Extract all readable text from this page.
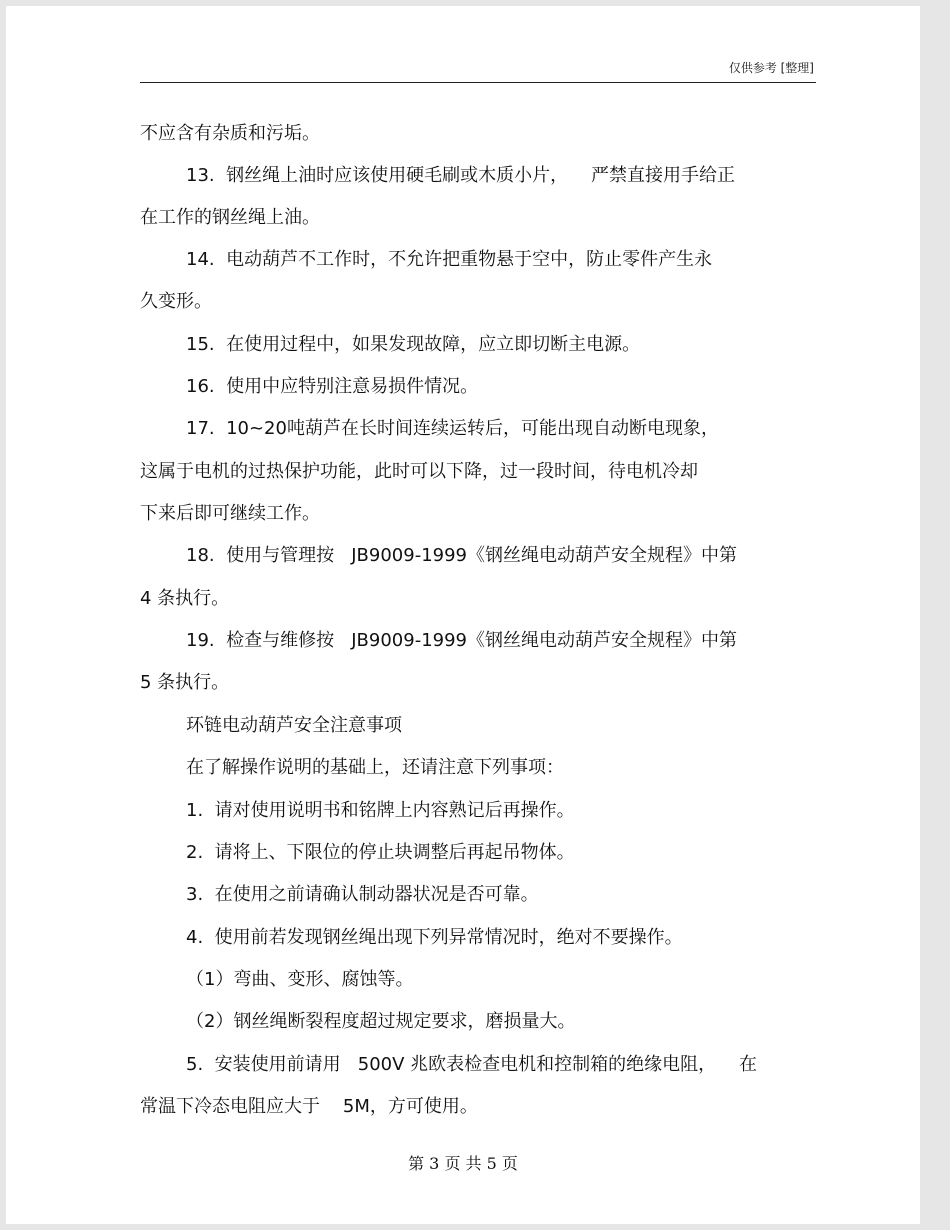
仅供参考 [整理]
不应含有杂质和污垢。
13.  钢丝绳上油时应该使用硬毛刷或木质小片，    严禁直接用手给正
在工作的钢丝绳上油。
14.  电动葫芦不工作时，不允许把重物悬于空中，防止零件产生永
久变形。
15.  在使用过程中，如果发现故障，应立即切断主电源。
16.  使用中应特别注意易损件情况。
17.  10~20吨葫芦在长时间连续运转后，可能出现自动断电现象，
这属于电机的过热保护功能，此时可以下降，过一段时间，待电机冷却
下来后即可继续工作。
18.  使用与管理按   JB9009-1999《钢丝绳电动葫芦安全规程》中第
4 条执行。
19.  检查与维修按   JB9009-1999《钢丝绳电动葫芦安全规程》中第
5 条执行。
环链电动葫芦安全注意事项
在了解操作说明的基础上，还请注意下列事项：
1.  请对使用说明书和铭牌上内容熟记后再操作。
2.  请将上、下限位的停止块调整后再起吊物体。
3.  在使用之前请确认制动器状况是否可靠。
4.  使用前若发现钢丝绳出现下列异常情况时，绝对不要操作。
（1）弯曲、变形、腐蚀等。
（2）钢丝绳断裂程度超过规定要求，磨损量大。
5.  安装使用前请用   500V 兆欧表检查电机和控制箱的绝缘电阻，    在
常温下冷态电阻应大于    5M，方可使用。
第 3 页 共 5 页
